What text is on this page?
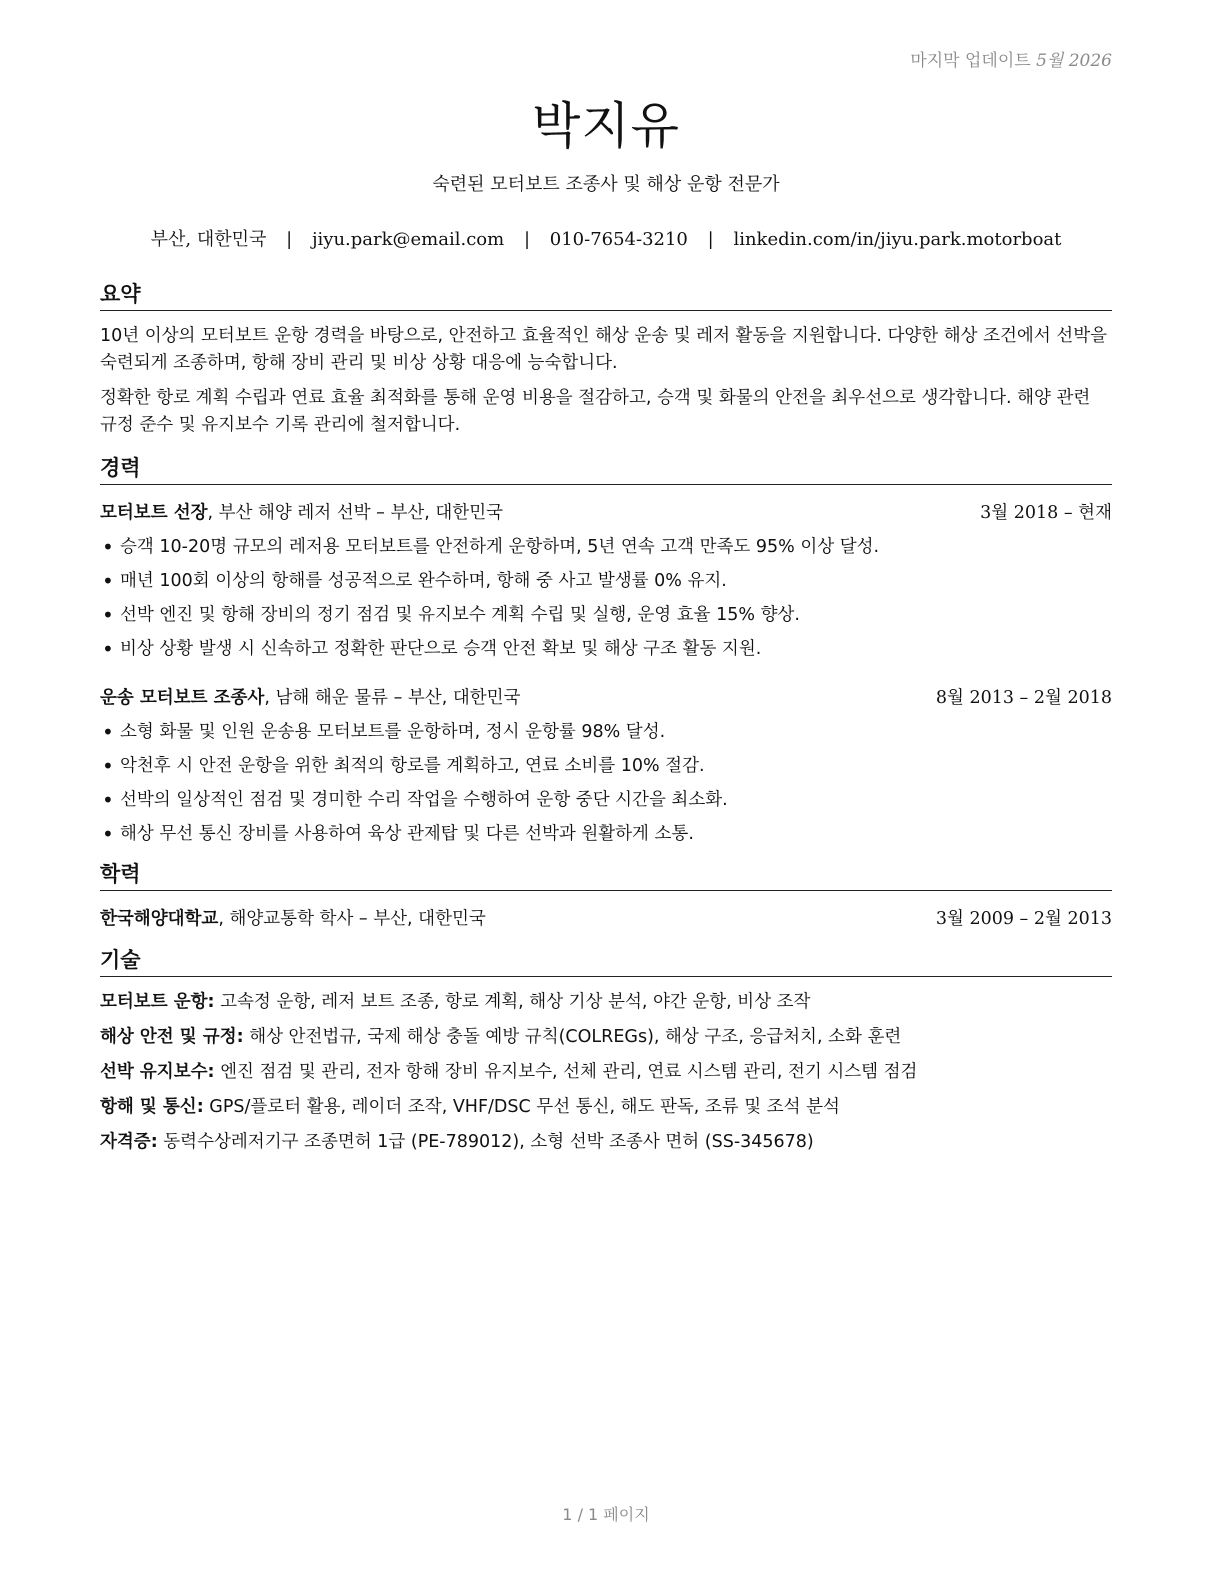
마지막 업데이트 5월 2026
박지유
숙련된 모터보트 조종사 및 해상 운항 전문가
부산, 대한민국 | jiyu.park@email.com | 010-7654-3210 | linkedin.com/in/jiyu.park.motorboat
요약

10년 이상의 모터보트 운항 경력을 바탕으로, 안전하고 효율적인 해상 운송 및 레저 활동을 지원합니다. 다양한 해상 조건에서 선박을 숙련되게 조종하며, 항해 장비 관리 및 비상 상황 대응에 능숙합니다.

정확한 항로 계획 수립과 연료 효율 최적화를 통해 운영 비용을 절감하고, 승객 및 화물의 안전을 최우선으로 생각합니다. 해양 관련 규정 준수 및 유지보수 기록 관리에 철저합니다.

경력
모터보트 선장, 부산 해양 레저 선박 – 부산, 대한민국	3월 2018 – 현재
• 승객 10-20명 규모의 레저용 모터보트를 안전하게 운항하며, 5년 연속 고객 만족도 95% 이상 달성.
• 매년 100회 이상의 항해를 성공적으로 완수하며, 항해 중 사고 발생률 0% 유지.
• 선박 엔진 및 항해 장비의 정기 점검 및 유지보수 계획 수립 및 실행, 운영 효율 15% 향상.
• 비상 상황 발생 시 신속하고 정확한 판단으로 승객 안전 확보 및 해상 구조 활동 지원.
운송 모터보트 조종사, 남해 해운 물류 – 부산, 대한민국	8월 2013 – 2월 2018
• 소형 화물 및 인원 운송용 모터보트를 운항하며, 정시 운항률 98% 달성.
• 악천후 시 안전 운항을 위한 최적의 항로를 계획하고, 연료 소비를 10% 절감.
• 선박의 일상적인 점검 및 경미한 수리 작업을 수행하여 운항 중단 시간을 최소화.
• 해상 무선 통신 장비를 사용하여 육상 관제탑 및 다른 선박과 원활하게 소통.
학력
한국해양대학교, 해양교통학 학사 – 부산, 대한민국	3월 2009 – 2월 2013
기술
모터보트 운항: 고속정 운항, 레저 보트 조종, 항로 계획, 해상 기상 분석, 야간 운항, 비상 조작
해상 안전 및 규정: 해상 안전법규, 국제 해상 충돌 예방 규칙(COLREGs), 해상 구조, 응급처치, 소화 훈련
선박 유지보수: 엔진 점검 및 관리, 전자 항해 장비 유지보수, 선체 관리, 연료 시스템 관리, 전기 시스템 점검
항해 및 통신: GPS/플로터 활용, 레이더 조작, VHF/DSC 무선 통신, 해도 판독, 조류 및 조석 분석
자격증: 동력수상레저기구 조종면허 1급 (PE-789012), 소형 선박 조종사 면허 (SS-345678)
1 / 1 페이지
